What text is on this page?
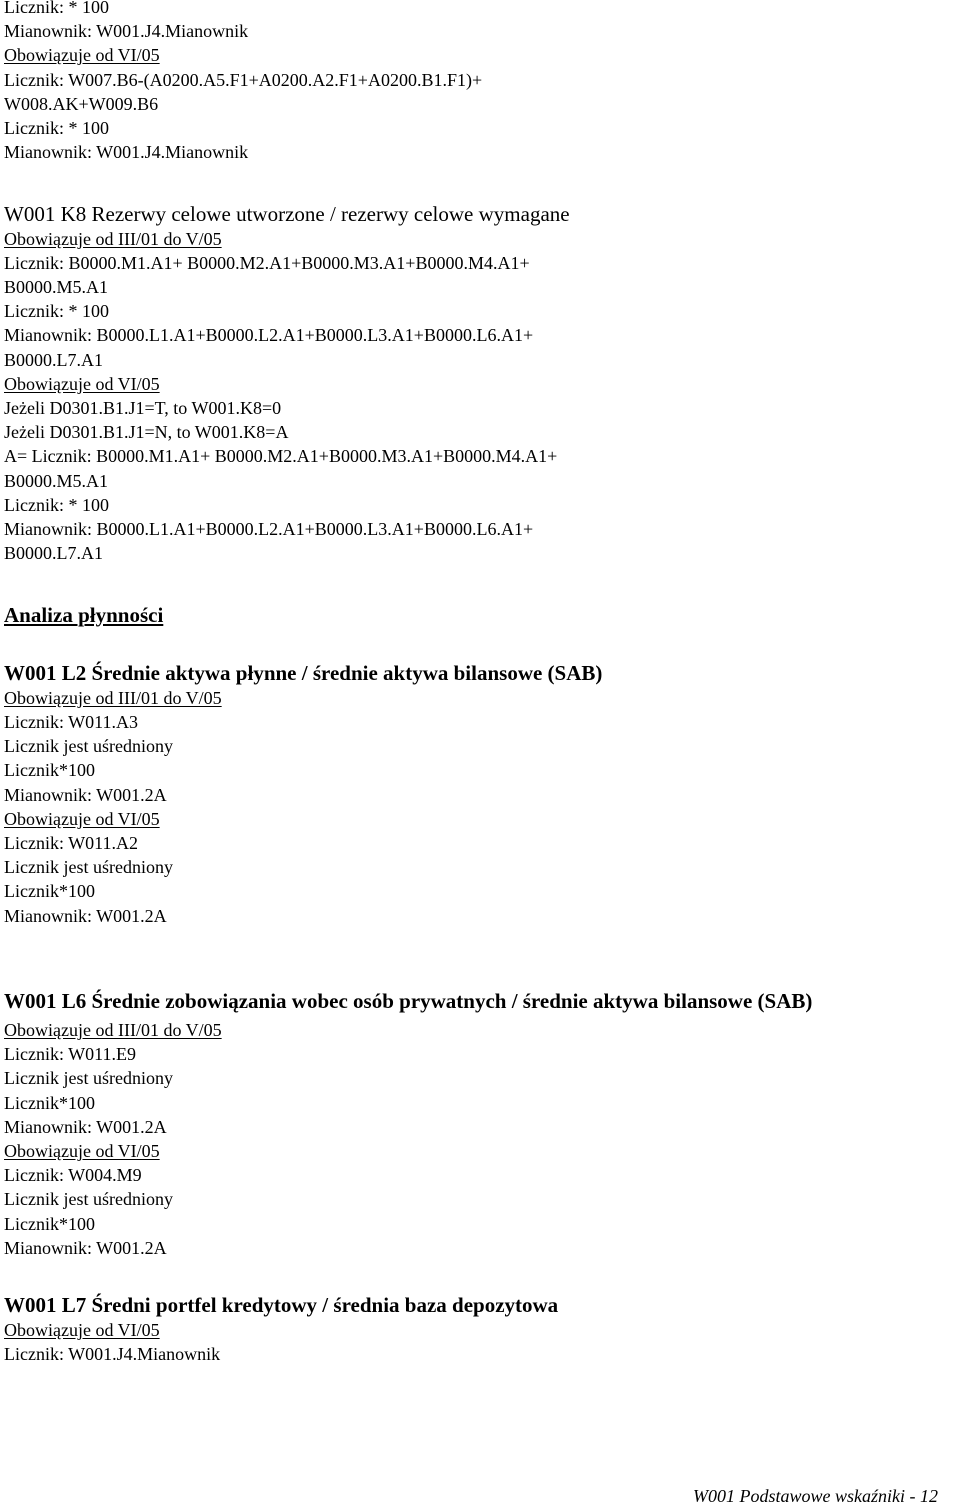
Licznik: * 100
Mianownik: W001.J4.Mianownik
Obowiązuje od VI/05
Licznik: W007.B6-(A0200.A5.F1+A0200.A2.F1+A0200.B1.F1)+
W008.AK+W009.B6
Licznik: * 100
Mianownik: W001.J4.Mianownik
W001 K8 Rezerwy celowe utworzone / rezerwy celowe wymagane
Obowiązuje od III/01 do V/05
Licznik: B0000.M1.A1+ B0000.M2.A1+B0000.M3.A1+B0000.M4.A1+
B0000.M5.A1
Licznik: * 100
Mianownik: B0000.L1.A1+B0000.L2.A1+B0000.L3.A1+B0000.L6.A1+
B0000.L7.A1
Obowiązuje od VI/05
Jeżeli D0301.B1.J1=T, to W001.K8=0
Jeżeli D0301.B1.J1=N, to W001.K8=A
A= Licznik: B0000.M1.A1+ B0000.M2.A1+B0000.M3.A1+B0000.M4.A1+
B0000.M5.A1
Licznik: * 100
Mianownik: B0000.L1.A1+B0000.L2.A1+B0000.L3.A1+B0000.L6.A1+
B0000.L7.A1
Analiza płynności
W001 L2 Średnie aktywa płynne / średnie aktywa bilansowe (SAB)
Obowiązuje od III/01 do V/05
Licznik: W011.A3
Licznik jest uśredniony
Licznik*100
Mianownik: W001.2A
Obowiązuje od VI/05
Licznik: W011.A2
Licznik jest uśredniony
Licznik*100
Mianownik: W001.2A
W001 L6 Średnie zobowiązania wobec osób prywatnych / średnie aktywa bilansowe (SAB)
Obowiązuje od III/01 do V/05
Licznik: W011.E9
Licznik jest uśredniony
Licznik*100
Mianownik: W001.2A
Obowiązuje od VI/05
Licznik: W004.M9
Licznik jest uśredniony
Licznik*100
Mianownik: W001.2A
W001 L7 Średni portfel kredytowy / średnia baza depozytowa
Obowiązuje od VI/05
Licznik: W001.J4.Mianownik
W001 Podstawowe wskaźniki - 12
